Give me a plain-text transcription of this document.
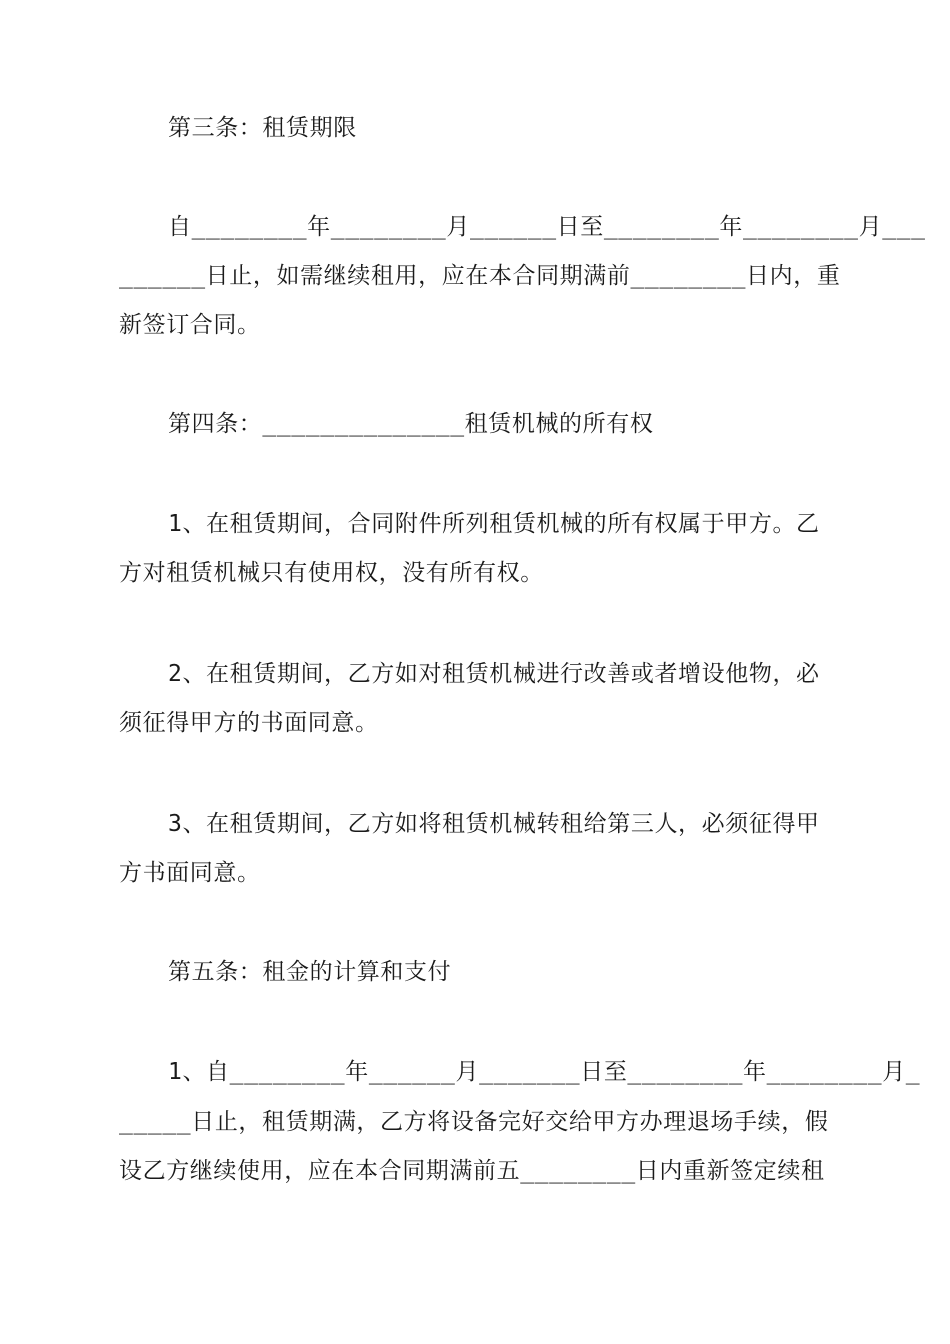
第三条：租赁期限
自________年________月______日至________年________月___
______日止，如需继续租用，应在本合同期满前________日内，重
新签订合同。
第四条：______________租赁机械的所有权
1、在租赁期间，合同附件所列租赁机械的所有权属于甲方。乙
方对租赁机械只有使用权，没有所有权。
2、在租赁期间，乙方如对租赁机械进行改善或者增设他物，必
须征得甲方的书面同意。
3、在租赁期间，乙方如将租赁机械转租给第三人，必须征得甲
方书面同意。
第五条：租金的计算和支付
1、自________年______月_______日至________年________月_
_____日止，租赁期满，乙方将设备完好交给甲方办理退场手续，假
设乙方继续使用，应在本合同期满前五________日内重新签定续租
